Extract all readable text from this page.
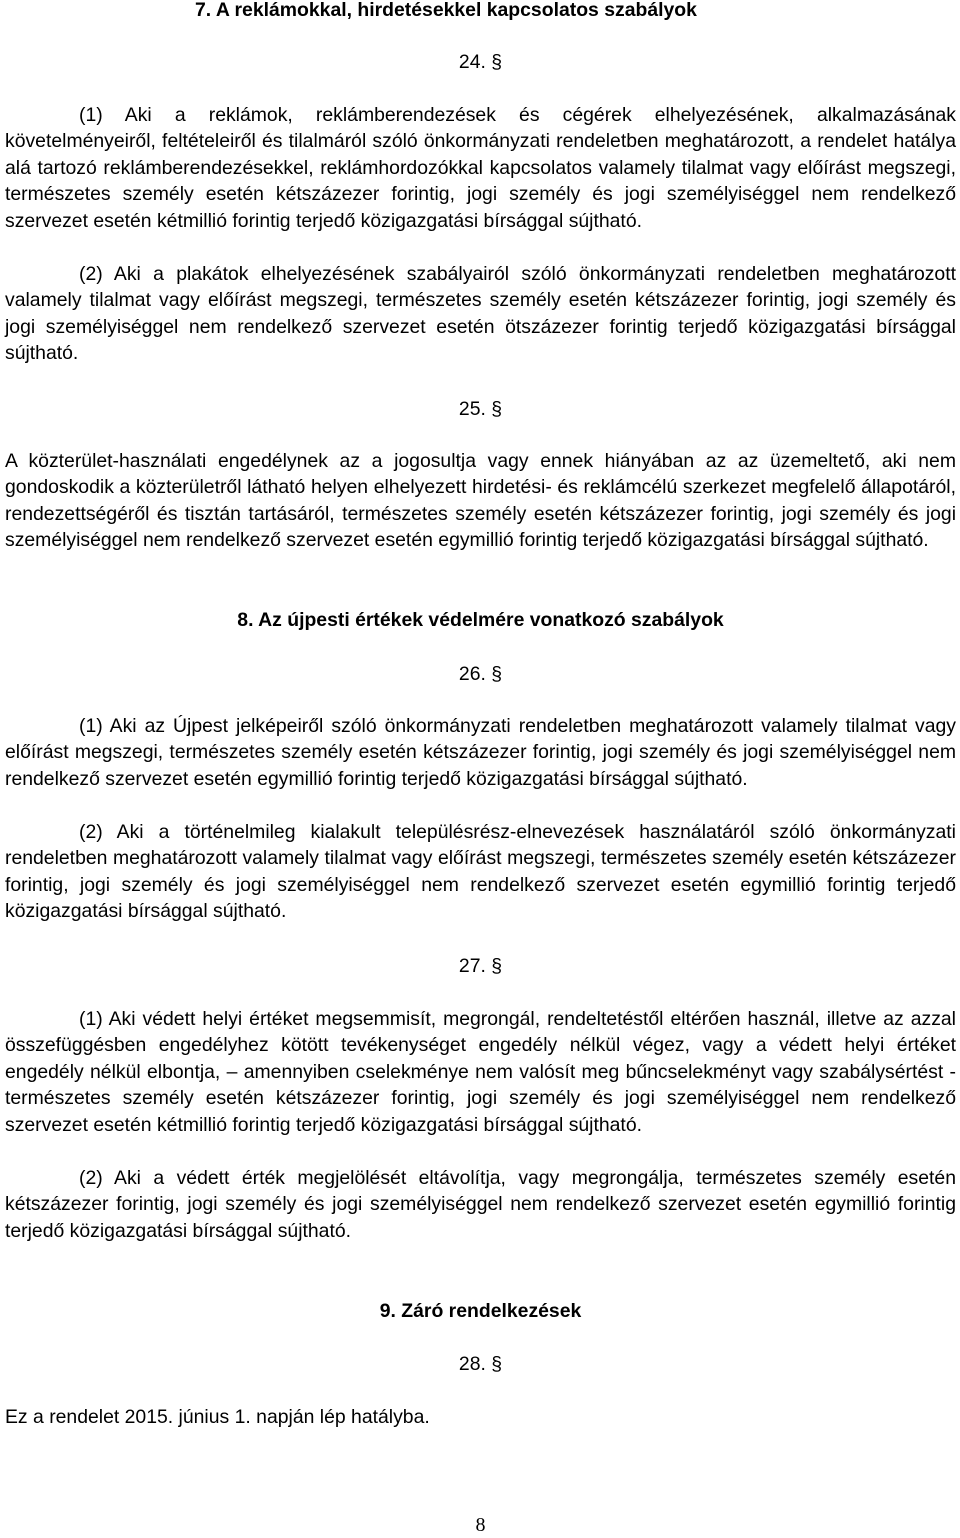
7. A reklámokkal, hirdetésekkel kapcsolatos szabályok
24. §
(1) Aki a reklámok, reklámberendezések és cégérek elhelyezésének, alkalmazásának követelményeiről, feltételeiről és tilalmáról szóló önkormányzati rendeletben meghatározott, a rendelet hatálya alá tartozó reklámberendezésekkel, reklámhordozókkal kapcsolatos valamely tilalmat vagy előírást megszegi, természetes személy esetén kétszázezer forintig, jogi személy és jogi személyiséggel nem rendelkező szervezet esetén kétmillió forintig terjedő közigazgatási bírsággal sújtható.
(2) Aki a plakátok elhelyezésének szabályairól szóló önkormányzati rendeletben meghatározott valamely tilalmat vagy előírást megszegi, természetes személy esetén kétszázezer forintig, jogi személy és jogi személyiséggel nem rendelkező szervezet esetén ötszázezer forintig terjedő közigazgatási bírsággal sújtható.
25. §
A közterület-használati engedélynek az a jogosultja vagy ennek hiányában az az üzemeltető, aki nem gondoskodik a közterületről látható helyen elhelyezett hirdetési- és reklámcélú szerkezet megfelelő állapotáról, rendezettségéről és tisztán tartásáról, természetes személy esetén kétszázezer forintig, jogi személy és jogi személyiséggel nem rendelkező szervezet esetén egymillió forintig terjedő közigazgatási bírsággal sújtható.
8. Az újpesti értékek védelmére vonatkozó szabályok
26. §
(1) Aki az Újpest jelképeiről szóló önkormányzati rendeletben meghatározott valamely tilalmat vagy előírást megszegi, természetes személy esetén kétszázezer forintig, jogi személy és jogi személyiséggel nem rendelkező szervezet esetén egymillió forintig terjedő közigazgatási bírsággal sújtható.
(2) Aki a történelmileg kialakult településrész-elnevezések használatáról szóló önkormányzati rendeletben meghatározott valamely tilalmat vagy előírást megszegi, természetes személy esetén kétszázezer forintig, jogi személy és jogi személyiséggel nem rendelkező szervezet esetén egymillió forintig terjedő közigazgatási bírsággal sújtható.
27. §
(1) Aki védett helyi értéket megsemmisít, megrongál, rendeltetéstől eltérően használ, illetve az azzal összefüggésben engedélyhez kötött tevékenységet engedély nélkül végez, vagy a védett helyi értéket engedély nélkül elbontja, – amennyiben cselekménye nem valósít meg bűncselekményt vagy szabálysértést - természetes személy esetén kétszázezer forintig, jogi személy és jogi személyiséggel nem rendelkező szervezet esetén kétmillió forintig terjedő közigazgatási bírsággal sújtható.
(2) Aki a védett érték megjelölését eltávolítja, vagy megrongálja, természetes személy esetén kétszázezer forintig, jogi személy és jogi személyiséggel nem rendelkező szervezet esetén egymillió forintig terjedő közigazgatási bírsággal sújtható.
9. Záró rendelkezések
28. §
Ez a rendelet 2015. június 1. napján lép hatályba.
8
